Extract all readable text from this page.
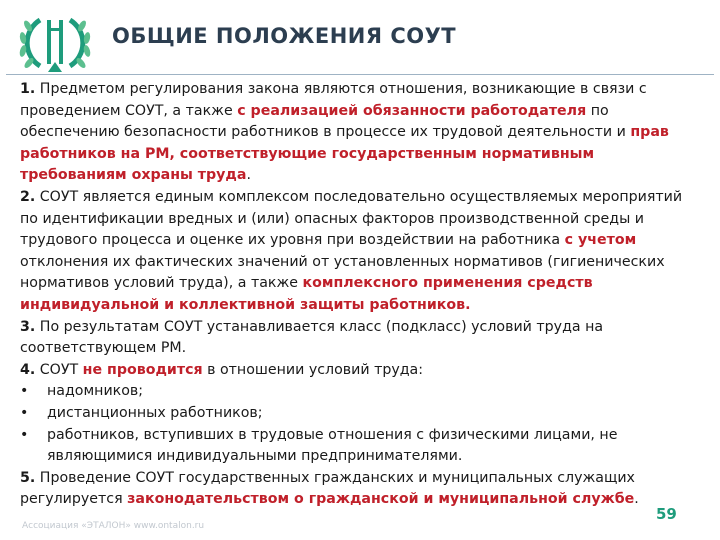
ОБЩИЕ ПОЛОЖЕНИЯ СОУТ

1. Предметом регулирования закона являются отношения, возникающие в связи с проведением СОУТ, а также с реализацией обязанности работодателя по обеспечению безопасности работников в процессе их трудовой деятельности и прав работников на РМ, соответствующие государственным нормативным требованиям охраны труда.

2. СОУТ является единым комплексом последовательно осуществляемых мероприятий по идентификации вредных и (или) опасных факторов производственной среды и трудового процесса и оценке их уровня при воздействии на работника с учетом отклонения их фактических значений от установленных нормативов (гигиенических нормативов условий труда), а также комплексного применения средств индивидуальной и коллективной защиты работников.

3. По результатам СОУТ устанавливается класс (подкласс) условий труда на соответствующем РМ.

4. СОУТ не проводится в отношении условий труда:

•	надомников;
•	дистанционных работников;
•	работников, вступивших в трудовые отношения с физическими лицами, не являющимися индивидуальными предпринимателями.

5. Проведение СОУТ государственных гражданских и муниципальных служащих регулируется законодательством о гражданской и муниципальной службе.

Ассоциация «ЭТАЛОН» www.ontalon.ru
59
